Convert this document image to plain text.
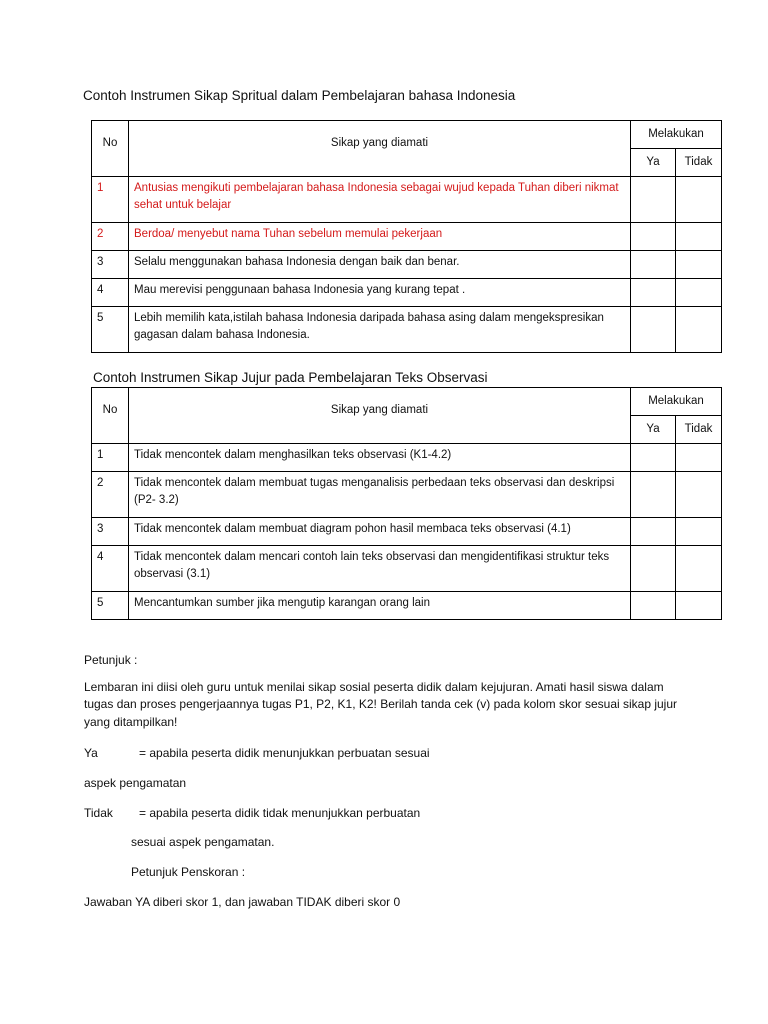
Contoh Instrumen Sikap Spritual dalam Pembelajaran bahasa Indonesia
No	Sikap yang diamati	Melakukan	
		Ya	Tidak
1	Antusias mengikuti pembelajaran bahasa Indonesia sebagai wujud kepada Tuhan diberi nikmat sehat untuk belajar		
2	Berdoa/ menyebut nama Tuhan sebelum memulai pekerjaan		
3	Selalu menggunakan bahasa Indonesia dengan baik dan benar.		
4	Mau merevisi penggunaan bahasa Indonesia yang kurang tepat .		
5	Lebih memilih kata,istilah bahasa Indonesia daripada bahasa asing dalam mengekspresikan gagasan dalam bahasa Indonesia.		
Contoh Instrumen Sikap Jujur pada Pembelajaran Teks Observasi
No	Sikap yang diamati	Melakukan	
		Ya	Tidak
1	Tidak mencontek dalam menghasilkan teks observasi (K1-4.2)		
2	Tidak mencontek dalam membuat tugas menganalisis perbedaan teks observasi dan deskripsi (P2- 3.2)		
3	Tidak mencontek dalam membuat diagram pohon hasil membaca teks observasi (4.1)		
4	Tidak mencontek dalam mencari contoh lain teks observasi dan mengidentifikasi struktur teks observasi (3.1)		
5	Mencantumkan sumber jika mengutip karangan orang lain		
Petunjuk :
Lembaran ini diisi oleh guru untuk menilai sikap sosial peserta didik dalam kejujuran. Amati hasil siswa dalam tugas dan proses pengerjaannya tugas P1, P2, K1, K2! Berilah tanda cek (v) pada kolom skor sesuai sikap jujur yang ditampilkan!
Ya	= apabila peserta didik menunjukkan perbuatan sesuai
aspek pengamatan
Tidak = apabila peserta didik tidak menunjukkan perbuatan
sesuai aspek pengamatan.
Petunjuk Penskoran :
Jawaban YA diberi skor 1, dan jawaban TIDAK diberi skor 0
